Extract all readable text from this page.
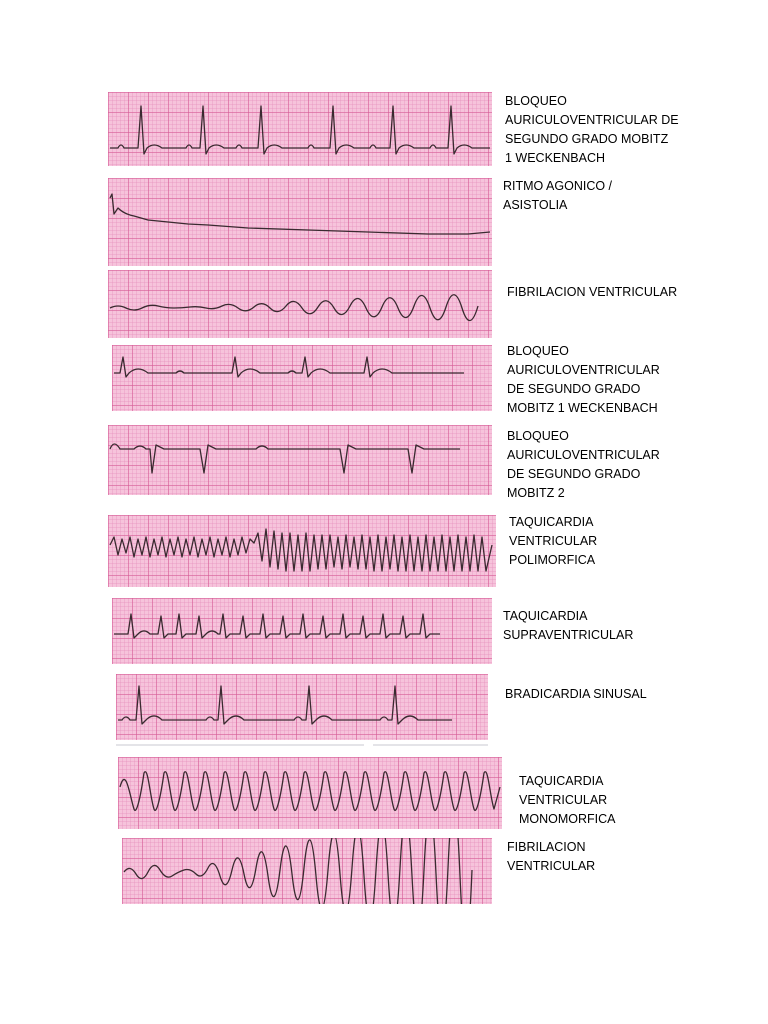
BLOQUEO
AURICULOVENTRICULAR DE
SEGUNDO GRADO MOBITZ
1 WECKENBACH
RITMO AGONICO /
ASISTOLIA
FIBRILACION VENTRICULAR
BLOQUEO
AURICULOVENTRICULAR
DE SEGUNDO GRADO
MOBITZ 1 WECKENBACH
BLOQUEO
AURICULOVENTRICULAR
DE SEGUNDO GRADO
MOBITZ 2
TAQUICARDIA
VENTRICULAR
POLIMORFICA
TAQUICARDIA
SUPRAVENTRICULAR
BRADICARDIA SINUSAL
TAQUICARDIA
VENTRICULAR
MONOMORFICA
FIBRILACION
VENTRICULAR
